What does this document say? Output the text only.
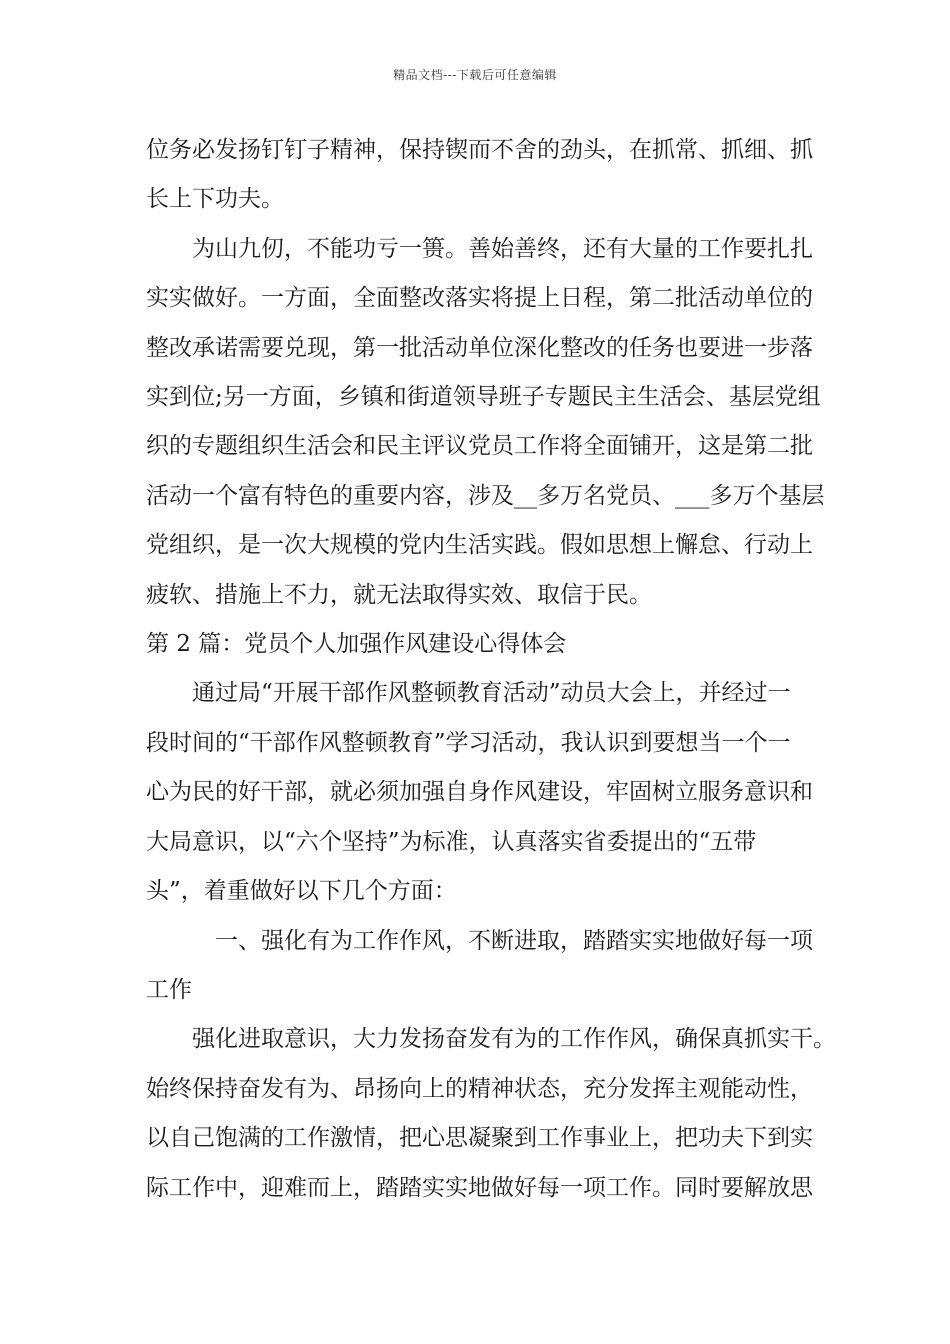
精品文档---下载后可任意编辑
位务必发扬钉钉子精神，保持锲而不舍的劲头，在抓常、抓细、抓
长上下功夫。
为山九仞，不能功亏一篑。善始善终，还有大量的工作要扎扎
实实做好。一方面，全面整改落实将提上日程，第二批活动单位的
整改承诺需要兑现，第一批活动单位深化整改的任务也要进一步落
实到位;另一方面，乡镇和街道领导班子专题民主生活会、基层党组
织的专题组织生活会和民主评议党员工作将全面铺开，这是第二批
活动一个富有特色的重要内容，涉及__多万名党员、___多万个基层
党组织，是一次大规模的党内生活实践。假如思想上懈怠、行动上
疲软、措施上不力，就无法取得实效、取信于民。
第 2 篇：党员个人加强作风建设心得体会
通过局“开展干部作风整顿教育活动”动员大会上，并经过一
段时间的“干部作风整顿教育”学习活动，我认识到要想当一个一
心为民的好干部，就必须加强自身作风建设，牢固树立服务意识和
大局意识，以“六个坚持”为标准，认真落实省委提出的“五带
头”，着重做好以下几个方面：
一、强化有为工作作风，不断进取，踏踏实实地做好每一项
工作
强化进取意识，大力发扬奋发有为的工作作风，确保真抓实干。
始终保持奋发有为、昂扬向上的精神状态，充分发挥主观能动性，
以自己饱满的工作激情，把心思凝聚到工作事业上，把功夫下到实
际工作中，迎难而上，踏踏实实地做好每一项工作。同时要解放思
